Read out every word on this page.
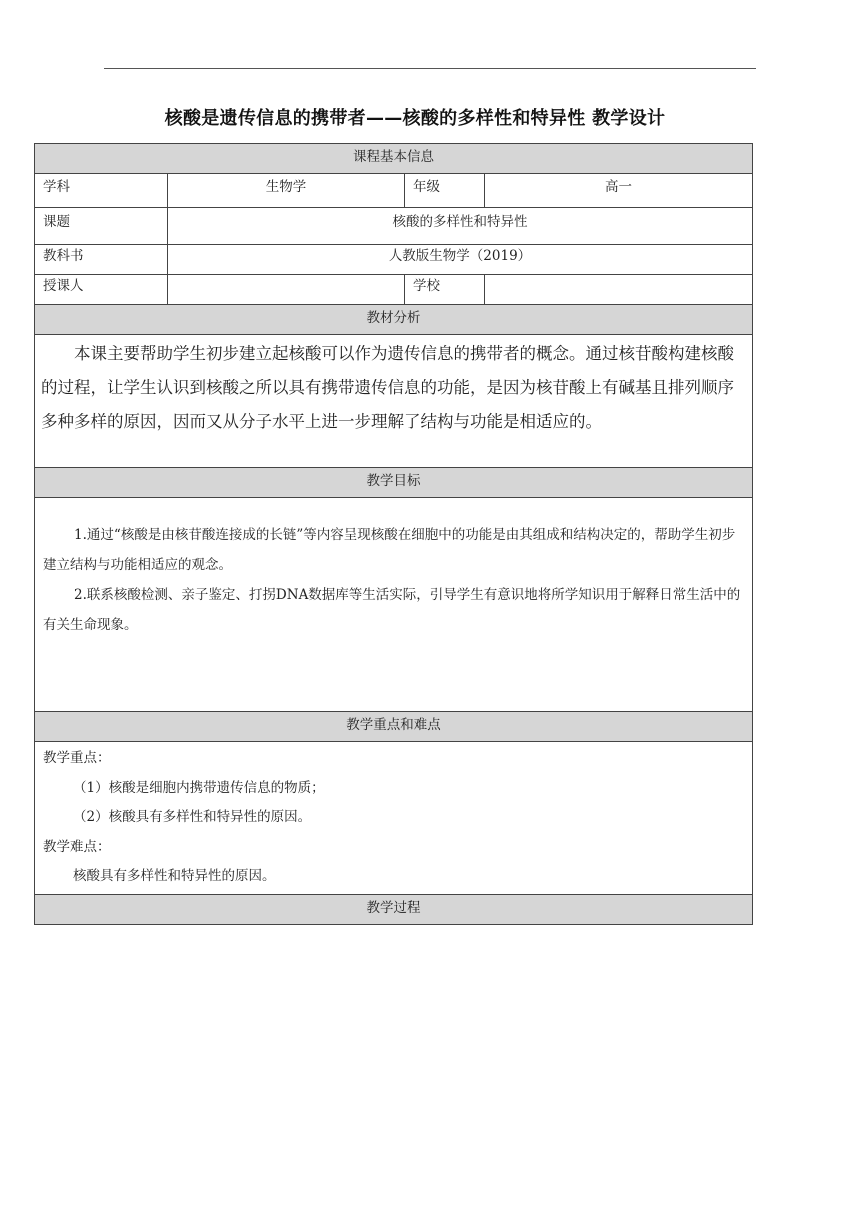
核酸是遗传信息的携带者——核酸的多样性和特异性 教学设计
课程基本信息			
学科	生物学	年级	高一
课题	核酸的多样性和特异性		
教科书	人教版生物学（2019）		
授课人		学校	
教材分析			
本课主要帮助学生初步建立起核酸可以作为遗传信息的携带者的概念。通过核苷酸构建核酸的过程，让学生认识到核酸之所以具有携带遗传信息的功能，是因为核苷酸上有碱基且排列顺序多种多样的原因，因而又从分子水平上进一步理解了结构与功能是相适应的。			
教学目标			

1.通过“核酸是由核苷酸连接成的长链”等内容呈现核酸在细胞中的功能是由其组成和结构决定的，帮助学生初步建立结构与功能相适应的观念。

2.联系核酸检测、亲子鉴定、打拐DNA数据库等生活实际，引导学生有意识地将所学知识用于解释日常生活中的有关生命现象。			

教学重点和难点			

教学重点：

（1）核酸是细胞内携带遗传信息的物质；

（2）核酸具有多样性和特异性的原因。

教学难点：

核酸具有多样性和特异性的原因。			

教学过程			
